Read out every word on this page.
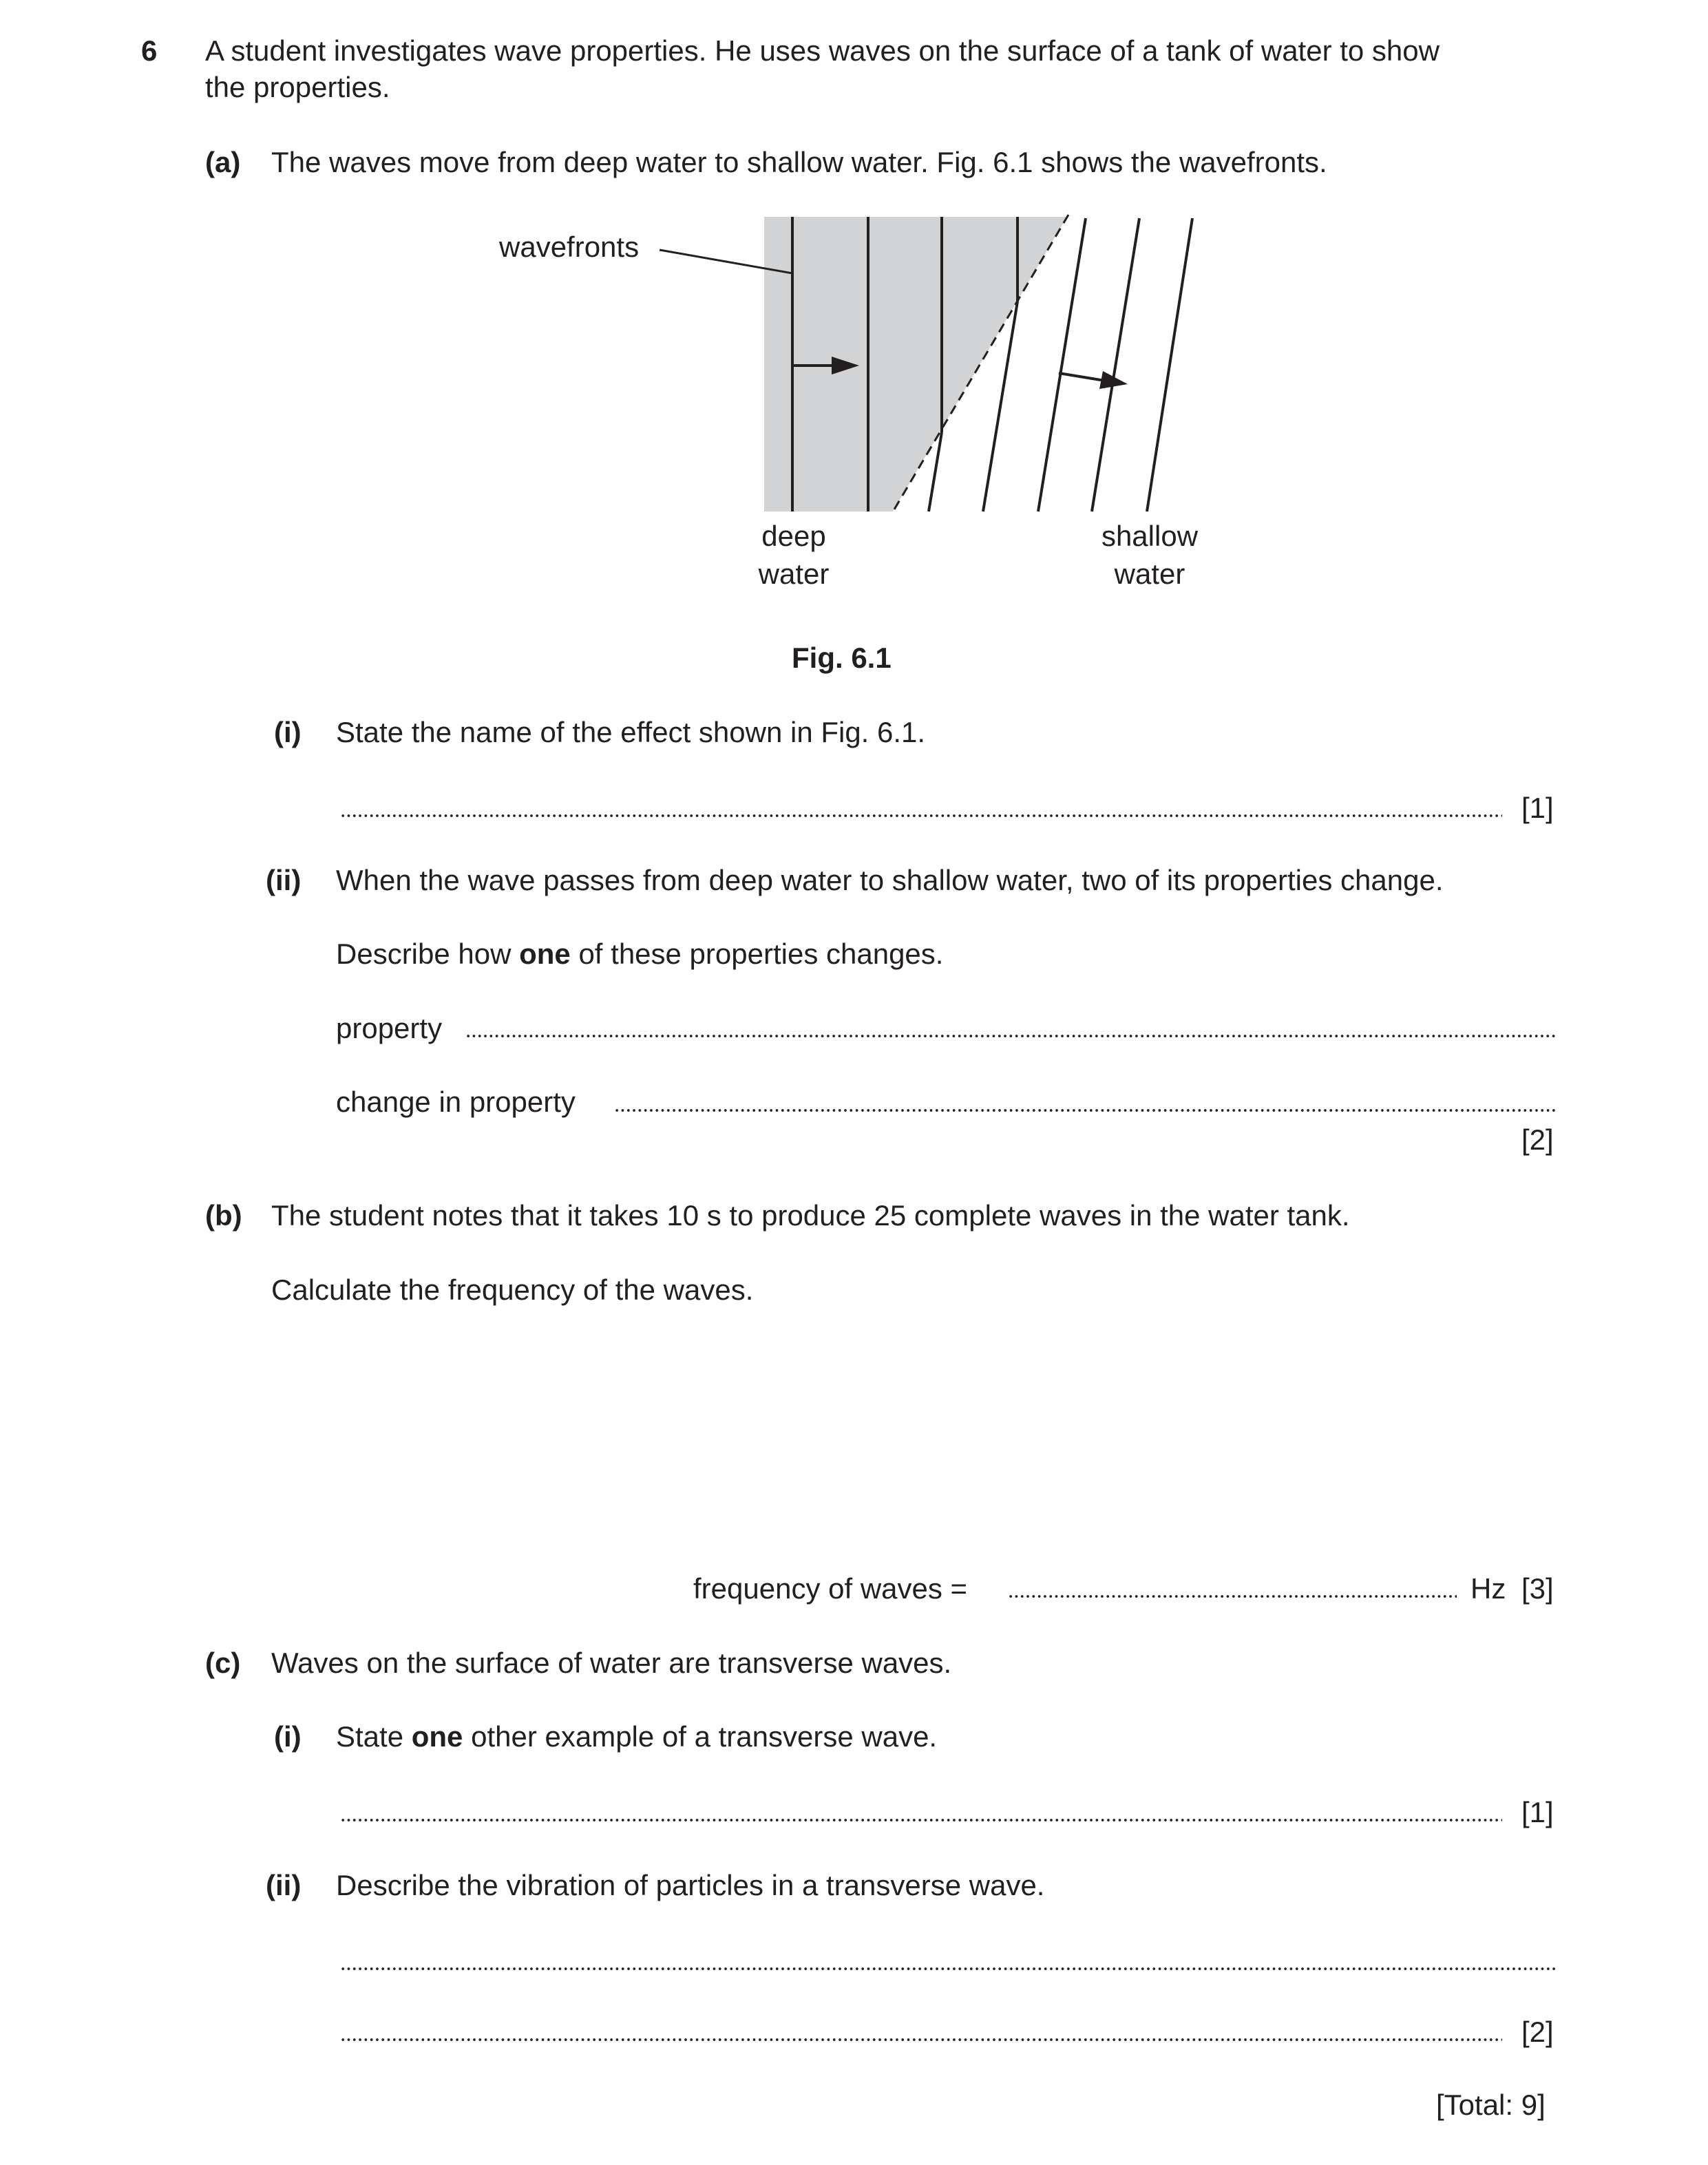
6 A student investigates wave properties. He uses waves on the surface of a tank of water to show
the properties.
(a) The waves move from deep water to shallow water. Fig. 6.1 shows the wavefronts.
wavefronts
deep
water
shallow
water
Fig. 6.1
(i) State the name of the effect shown in Fig. 6.1.
[1]
(ii) When the wave passes from deep water to shallow water, two of its properties change.
Describe how one of these properties changes.
property
change in property
[2]
(b) The student notes that it takes 10 s to produce 25 complete waves in the water tank.
Calculate the frequency of the waves.
frequency of waves =	Hz [3]
(c) Waves on the surface of water are transverse waves.
(i) State one other example of a transverse wave.
[1]
(ii) Describe the vibration of particles in a transverse wave.
[2]
[Total: 9]
